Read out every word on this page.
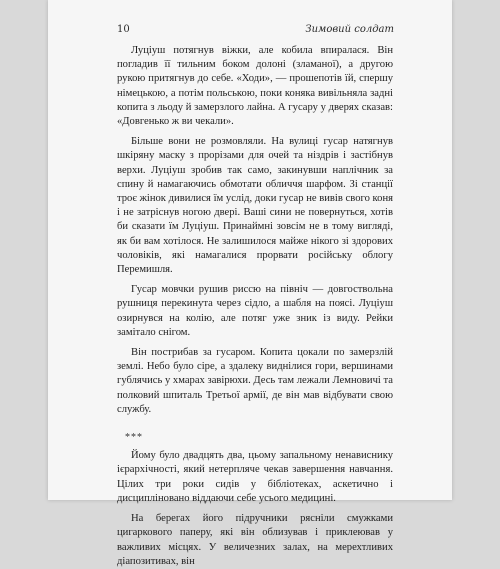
10	Зимовий солдат

Луціуш потягнув віжки, але кобила впиралася. Він погладив її тильним боком долоні (зламаної), а другою рукою притягнув до себе. «Ходи», — прошепотів їй, спершу німецькою, а потім польською, поки коняка вивільняла задні копита з льоду й замерзлого лайна. А гусару у дверях сказав: «Довгенько ж ви чекали».

Більше вони не розмовляли. На вулиці гусар натягнув шкіряну маску з прорізами для очей та ніздрів і застібнув верхи. Луціуш зробив так само, закинувши наплічник за спину й намагаючись обмотати обличчя шарфом. Зі станції троє жінок дивилися їм услід, доки гусар не вивів свого коня і не затріснув ногою двері. Ваші сини не повернуться, хотів би сказати їм Луціуш. Принаймні зовсім не в тому вигляді, як би вам хотілося. Не залишилося майже нікого зі здорових чоловіків, які намагалися прорвати російську облогу Перемишля.

Гусар мовчки рушив риссю на північ — довгоствольна рушниця перекинута через сідло, а шабля на поясі. Луціуш озирнувся на колію, але потяг уже зник із виду. Рейки замітало снігом.

Він пострибав за гусаром. Копита цокали по замерзлій землі. Небо було сіре, а здалеку виднілися гори, вершинами гублячись у хмарах завірюхи. Десь там лежали Лемновичі та полковий шпиталь Третьої армії, де він мав відбувати свою службу.

***

Йому було двадцять два, цьому запальному ненависнику ієрархічності, який нетерпляче чекав завершення навчання. Цілих три роки сидів у бібліотеках, аскетично і дисципліновано віддаючи себе усього медицині.

На берегах його підручники рясніли смужками цигаркового паперу, які він облизував і приклеював у важливих місцях. У величезних залах, на мерехтливих діапозитивах, він
